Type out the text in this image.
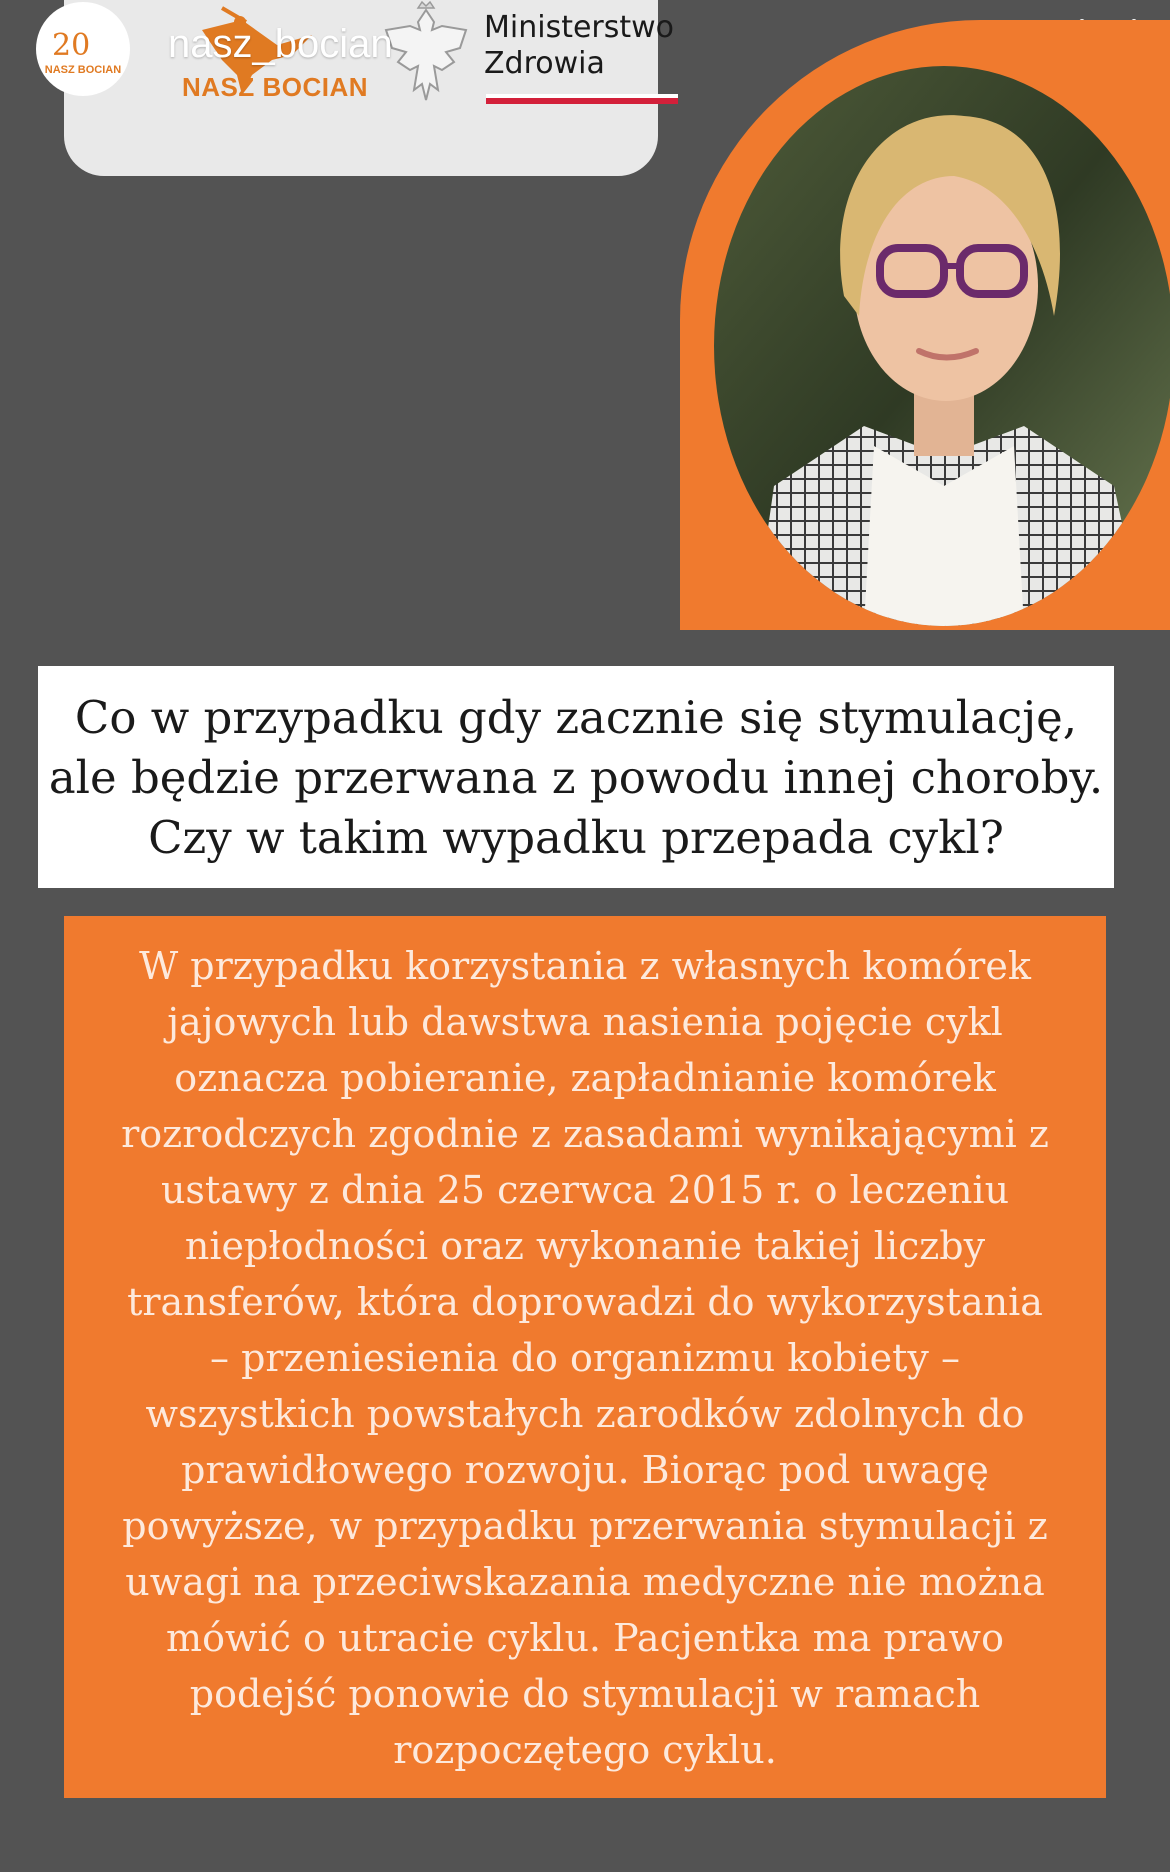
NASZ BOCIAN
Ministerstwo
Zdrowia
20
NASZ BOCIAN
nasz_bocian
Co w przypadku gdy zacznie się stymulację,
ale będzie przerwana z powodu innej choroby.
Czy w takim wypadku przepada cykl?
W przypadku korzystania z własnych komórek
jajowych lub dawstwa nasienia pojęcie cykl
oznacza pobieranie, zapładnianie komórek
rozrodczych zgodnie z zasadami wynikającymi z
ustawy z dnia 25 czerwca 2015 r. o leczeniu
niepłodności oraz wykonanie takiej liczby
transferów, która doprowadzi do wykorzystania
– przeniesienia do organizmu kobiety –
wszystkich powstałych zarodków zdolnych do
prawidłowego rozwoju. Biorąc pod uwagę
powyższe, w przypadku przerwania stymulacji z
uwagi na przeciwskazania medyczne nie można
mówić o utracie cyklu. Pacjentka ma prawo
podejść ponowie do stymulacji w ramach
rozpoczętego cyklu.
